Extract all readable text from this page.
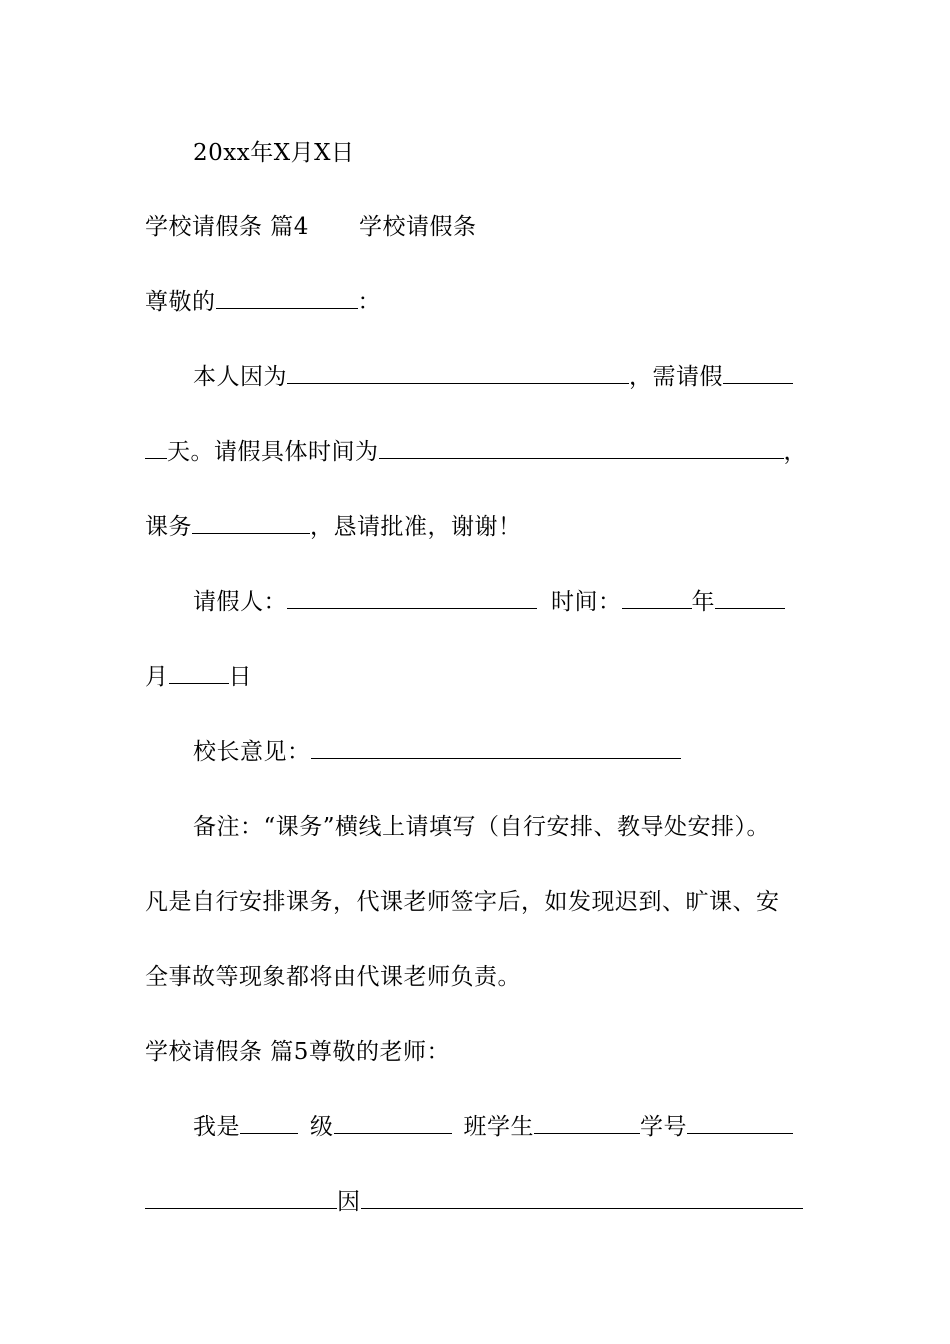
20xx年X月X日
学校请假条 篇4 学校请假条
尊敬的	：
本人因为	，需请假
天。请假具体时间为	，
课务	，恳请批准，谢谢！
请假人：	时间：	年
月	日
校长意见：
备注：“课务”横线上请填写（自行安排、教导处安排）。
凡是自行安排课务，代课老师签字后，如发现迟到、旷课、安
全事故等现象都将由代课老师负责。
学校请假条 篇5尊敬的老师：
我是	级	班学生	学号
因
